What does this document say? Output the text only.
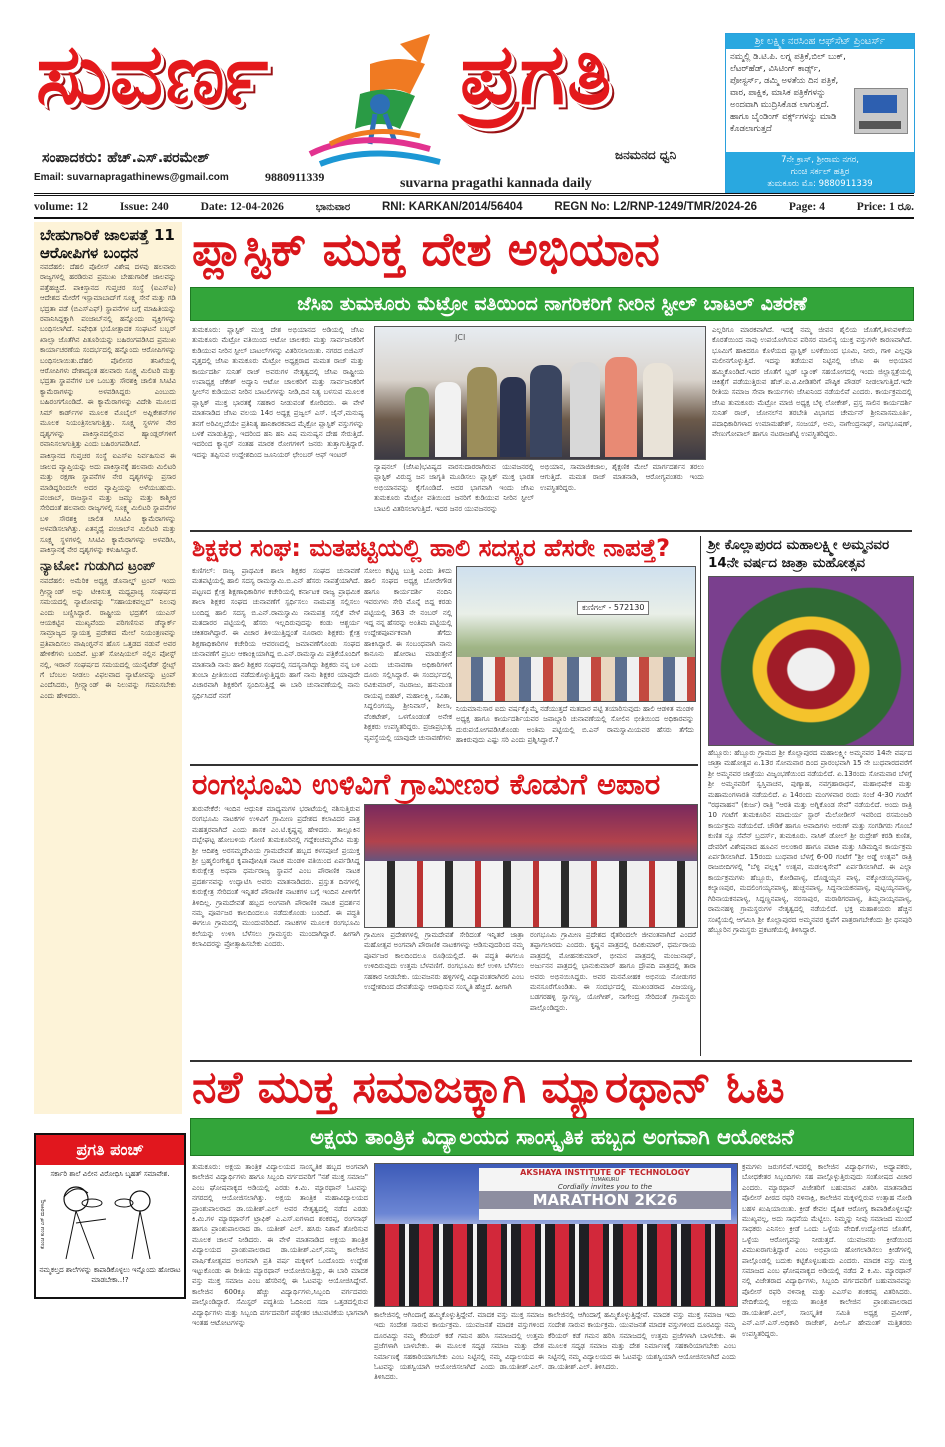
ಸುವರ್ಣ ಪ್ರಗತಿ
ಸಂಪಾದಕರು: ಹೆಚ್.ಎಸ್.ಪರಮೇಶ್
Email: suvarnapragathinews@gmail.com	9880911339
ಜನಮನದ ಧ್ವನಿ
suvarna pragathi kannada daily
ಶ್ರೀ ಲಕ್ಷ್ಮೀ ನರಸಿಂಹ ಆಫ್‌ಸೆಟ್ ಪ್ರಿಂಟರ್ಸ್
ನಮ್ಮಲ್ಲಿ ಡಿ.ಟಿ.ಪಿ. ಲಗ್ನ ಪತ್ರಿಕೆ,ಬಿಲ್ ಬುಕ್, ಲೆಟರ್‌ಹೆಡ್, ವಿಸಿಟಿಂಗ್ ಕಾರ್ಡ್ಸ್, ಪೋಸ್ಟರ್ಸ್, ಡಮ್ಮಿ ಅಳತೆಯ ದಿನ ಪತ್ರಿಕೆ, ವಾರ, ಪಾಕ್ಷಿಕ, ಮಾಸಿಕ ಪತ್ರಿಕೆಗಳನ್ನು ಅಂದವಾಗಿ ಮುದ್ರಿಸಿಕೊಡ ಲಾಗುತ್ತದೆ. ಹಾಗೂ ಬೈಂಡಿಂಗ್ ವರ್ಕ್ಸ್‌ಗಳನ್ನು ಮಾಡಿ ಕೊಡಲಾಗುತ್ತದೆ
7ನೇ ಕ್ರಾಸ್, ಶ್ರೀರಾಮ ನಗರ,
ಗುಂಚಿ ಸರ್ಕಲ್ ಹತ್ತಿರ
ತುಮಕೂರು ಮೊ: 9880911339
volume: 12	Issue: 240	Date: 12-04-2026	ಭಾನುವಾರ	RNI: KARKAN/2014/56404	REGN No: L2/RNP-1249/TMR/2024-26	Page: 4	Price: 1 ರೂ.
ಬೇಹುಗಾರಿಕೆ ಜಾಲಪತ್ತೆ 11 ಆರೋಪಿಗಳ ಬಂಧನ
ನವದೆಹಲಿ: ದೆಹಲಿ ಪೊಲೀಸ್ ವಿಶೇಷ ದಳವು ಹಲವಾರು ರಾಜ್ಯಗಳಲ್ಲಿ ಹರಡಿರುವ ಪ್ರಮುಖ ಬೇಹುಗಾರಿಕೆ ಜಾಲವನ್ನು ಪತ್ತೆಹಚ್ಚಿದೆ. ಪಾಕಿಸ್ತಾನದ ಗುಪ್ತಚರ ಸಂಸ್ಥೆ (ಐಎಸ್ಐ) ಆದೇಶದ ಮೇರೆಗೆ ಇಸ್ಲಾಮಾಬಾದ್‌ಗೆ ಸೂಕ್ಷ್ಮ ಸೇನೆ ಮತ್ತು ಗಡಿ ಭದ್ರತಾ ಪಡೆ (ಬಿಎಸ್ಎಫ್) ಸ್ಥಾಪನೆಗಳ ಬಗ್ಗೆ ಮಾಹಿತಿಯನ್ನು ರವಾನಿಸಿದ್ದಕ್ಕಾಗಿ ಪಂಜಾಬ್‌ನಲ್ಲಿ ಹನ್ನೊಂದು ವ್ಯಕ್ತಿಗಳನ್ನು ಬಂಧಿಸಲಾಗಿದೆ. ನಿಷೇಧಿತ ಭಯೋತ್ಪಾದಕ ಸಂಘಟನೆ ಬಬ್ಬರ್ ಖಾಲ್ಸಾ ಜೊತೆಗಿನ ಪಿತೂರಿಯನ್ನು ಬಹಿರಂಗಪಡಿಸಿದ ಪ್ರಮುಖ ಕಾರ್ಯಾಚರಣೆಯ ಸಂದರ್ಭದಲ್ಲಿ ಹನ್ನೊಂದು ಆರೋಪಿಗಳನ್ನು ಬಂಧಿಸಲಾಯಿತು.ದೆಹಲಿ ಪೊಲೀಸರ ತನಿಖೆಯಲ್ಲಿ ಆರೋಪಿಗಳು ದೇಶಾದ್ಯಂತ ಹಲವಾರು ಸೂಕ್ಷ್ಮ ಮಿಲಿಟರಿ ಮತ್ತು ಭದ್ರತಾ ಸ್ಥಾಪನೆಗಳ ಬಳಿ ಒಂಬತ್ತು ಸೌರಶಕ್ತಿ ಚಾಲಿತ ಸಿಸಿಟಿವಿ ಕ್ಯಾಮೆರಾಗಳನ್ನು ಅಳವಡಿಸಿದ್ದರು ಎಂಬುದು ಬಹಿರಂಗಗೊಂಡಿದೆ. ಈ ಕ್ಯಾಮೆರಾಗಳನ್ನು ವಿದೇಶಿ ಮೂಲದ ಸಿಮ್ ಕಾರ್ಡ್‌ಗಳ ಮೂಲಕ ಮೊಬೈಲ್ ಅಪ್ಲಿಕೇಶನ್‌ಗಳ ಮೂಲಕ ನಿಯಂತ್ರಿಸಲಾಗುತ್ತಿತ್ತು. ಸೂಕ್ಷ್ಮ ಸ್ಥಳಗಳ ನೇರ ದೃಶ್ಯಗಳನ್ನು ಪಾಕಿಸ್ತಾನದಲ್ಲಿರುವ ಹ್ಯಾಂಡ್ಲರ್‌ಗಳಿಗೆ ರವಾನಿಸಲಾಗುತ್ತಿತ್ತು ಎಂದು ಬಹಿರಂಗಪಡಿಸಿದೆ.
ಪಾಕಿಸ್ತಾನದ ಗುಪ್ತಚರ ಸಂಸ್ಥೆ ಐಎಸ್ಐ ನಿರ್ವಹಿಸುವ ಈ ಜಾಲದ ವ್ಯಾಪ್ತಿಯನ್ನು ಅದು ಪಾಕಿಸ್ತಾನಕ್ಕೆ ಹಲವಾರು ಮಿಲಿಟರಿ ಮತ್ತು ರಕ್ಷಣಾ ಸ್ಥಾಪನೆಗಳ ನೇರ ದೃಶ್ಯಗಳನ್ನು ಪ್ರಸಾರ ಮಾಡಿದ್ದರಿಂದಲೇ ಅದರ ವ್ಯಾಪ್ತಿಯನ್ನು ಅಳೆಯಬಹುದು. ಪಂಜಾಬ್, ರಾಜಸ್ಥಾನ ಮತ್ತು ಜಮ್ಮು ಮತ್ತು ಕಾಶ್ಮೀರ ಸೇರಿದಂತೆ ಹಲವಾರು ರಾಜ್ಯಗಳಲ್ಲಿ ಸೂಕ್ಷ್ಮ ಮಿಲಿಟರಿ ಸ್ಥಾಪನೆಗಳ ಬಳಿ ಸೌರಶಕ್ತಿ ಚಾಲಿತ ಸಿಸಿಟಿವಿ ಕ್ಯಾಮೆರಾಗಳನ್ನು ಅಳವಡಿಸಲಾಗಿತ್ತು. ಏತನ್ಮಧ್ಯೆ ಪಂಜಾಬ್‌ನ ಮಿಲಿಟರಿ ಮತ್ತು ಸೂಕ್ಷ್ಮ ಸ್ಥಳಗಳಲ್ಲಿ ಸಿಸಿಟಿವಿ ಕ್ಯಾಮೆರಾಗಳನ್ನು ಅಳವಡಿಸಿ, ಪಾಕಿಸ್ತಾನಕ್ಕೆ ನೇರ ದೃಶ್ಯಗಳನ್ನು ಕಳುಹಿಸಿದ್ದಾರೆ.
ನ್ಯಾಟೋ: ಗುಡುಗಿದ ಟ್ರಂಪ್
ನವದೆಹಲಿ: ಅಮೆರಿಕ ಅಧ್ಯಕ್ಷ ಡೊನಾಲ್ಡ್ ಟ್ರಂಪ್ ಇಂದು ಗ್ರೀನ್ಲ್ಯಾಂಡ್ ಅನ್ನು ಟೀಕಿಸುತ್ತ ಮಧ್ಯಪ್ರಾಚ್ಯ ಸಂಘರ್ಷದ ಸಮಯದಲ್ಲಿ ನ್ಯಾಟೋವನ್ನು "ಸಹಾಯಕವಲ್ಲದ" ನಿಲುವು ಎಂದು ಬಣ್ಣಿಸಿದ್ದಾರೆ. ರಾಷ್ಟ್ರೀಯ ಭದ್ರತೆಗೆ ಯುಎಸ್ ಆಯಕಟ್ಟಿನ ಮುಖ್ಯವೆಂದು ಪರಿಗಣಿಸುವ ಡೆನ್ಮಾರ್ಕ್ ಸಾಮ್ರಾಜ್ಯದ ಸ್ವಾಯತ್ತ ಪ್ರದೇಶದ ಮೇಲೆ ನಿಯಂತ್ರಣವನ್ನು ಪ್ರತಿಪಾದಿಸಲು ವಾಷಿಂಗ್ಟನ್‌ನ ಹೊಸ ಒತ್ತಡದ ನಡುವೆ ಅವರ ಹೇಳಿಕೆಗಳು ಬಂದಿವೆ. ಟ್ರುತ್ ಸೋಷಿಯಲ್ ನಲ್ಲಿನ ಪೋಸ್ಟ್ ನಲ್ಲಿ, ಇರಾನ್ ಸಂಘರ್ಷದ ಸಮಯದಲ್ಲಿ ಯುನೈಟೆಡ್ ಸ್ಟೇಟ್ಸ್ ಗೆ ಬೆಂಬಲ ನೀಡಲು ವಿಫಲವಾದ ನ್ಯಾಟೋವನ್ನು ಟ್ರಂಪ್ ಎಂದೆಸಿದರು, ಗ್ರೀನ್ಲ್ಯಾಂಡ್ ಈ ನಿಲುವನ್ನು ಗಮನಿಸಬೇಕು ಎಂದು ಹೇಳಿದರು.
ಪ್ರಗತಿ ಪಂಚ್
ಸರ್ಕಾರಿ ಶಾಲೆ ವಿಲೀನ ವಿರೋಧಿಸಿ ಬೃಹತ್ ಸಮಾವೇಶ.
ಕೊಂಚಿ ಕುಂಚಿ ಎಸ್ ಮರಳಿಸಿದ್ಧ
ನಮ್ಮಕಲ್ತದ ಶಾಲೆಗಳನ್ನು ಕಾಪಾಡಿಕೊಳ್ಳಲು ಇನ್ನೊಂದು ಹೋರಾಟ ಮಾಡಬೇಕಾ..!?
ಪ್ಲಾಸ್ಟಿಕ್ ಮುಕ್ತ ದೇಶ ಅಭಿಯಾನ
ಜೆಸಿಐ ತುಮಕೂರು ಮೆಟ್ರೋ ವತಿಯಿಂದ ನಾಗರಿಕರಿಗೆ ನೀರಿನ ಸ್ಟೀಲ್ ಬಾಟಲ್ ವಿತರಣೆ
ತುಮಕೂರು: ಪ್ಲಾಸ್ಟಿಕ್ ಮುಕ್ತ ದೇಶ ಅಭಿಯಾನದ ಅಡಿಯಲ್ಲಿ ಜೆಸಿಐ ತುಮಕೂರು ಮೆಟ್ರೋ ವತಿಯಿಂದ ಆಟೋ ಚಾಲಕರು ಮತ್ತು ಸಾರ್ವಜನಿಕರಿಗೆ ಕುಡಿಯುವ ನೀರಿನ ಸ್ಟೀಲ್ ಬಾಟಲ್‌ಗಳನ್ನು ವಿತರಿಸಲಾಯಿತು. ನಗರದ ಬಿಜಿಎಸ್ ವೃತ್ತದಲ್ಲಿ ಜೆಸಿಐ ತುಮಕೂರು ಮೆಟ್ರೋ ಅಧ್ಯಕ್ಷರಾದ ಮಮತ ರಾಜ್ ಮತ್ತು ಕಾರ್ಯದರ್ಶಿ ಸುನಿತ್ ರಾಜ್ ಅವರುಗಳ ನೇತೃತ್ವದಲ್ಲಿ ಜೆಸಿಐ ರಾಷ್ಟ್ರೀಯ ಉಪಾಧ್ಯಕ್ಷ ಜೆಕೇಶ್ ಅದ್ವಾನಿ ಆಟೋ ಚಾಲಕರಿಗೆ ಮತ್ತು ಸಾರ್ವಜನಿಕರಿಗೆ ಸ್ಟೀಲ್‌ನ ಕುಡಿಯುವ ನೀರಿನ ಬಾಟಲಿಗಳನ್ನು ನೀಡಿ,ದಿನ ನಿತ್ಯ ಬಳಸುವ ಮೂಲಕ ಪ್ಲಾಸ್ಟಿಕ್ ಮುಕ್ತ ಭಾರತಕ್ಕೆ ಸಹಕಾರ ನೀಡುವಂತೆ ಕೋರಿದರು. ಈ ವೇಳೆ ಮಾತನಾಡಿದ ಜೆಸಿಐ ವಲಯ 14ರ ಅಧ್ಯಕ್ಷ ಪ್ರಜ್ವಲ್ ಎಸ್. ಜೈನ್,ಮನುಷ್ಯ ತನಗೆ ಅರಿವಿಲ್ಲದೆಯೇ ಪ್ರತಿನಿತ್ಯ ಹಾನಿಕಾರಕವಾದ ಮೈಕ್ರೋ ಪ್ಲಾಸ್ಟಿಕ್ ವಸ್ತುಗಳನ್ನು ಬಳಕೆ ಮಾಡುತ್ತಿದ್ದು, ಇದರಿಂದ ಹನಿ ಹನಿ ವಿಷ ಮನುಷ್ಯನ ದೇಹ ಸೇರುತ್ತಿದೆ. ಇದರಿಂದ ಕ್ಯಾನ್ಸರ್ ನಂತಹ ಮಾರಕ ರೋಗಗಳಿಗೆ ಜನರು ತುತ್ತಾಗುತ್ತಿದ್ದಾರೆ. ಇದನ್ನು ತಪ್ಪಿಸುವ ಉದ್ದೇಶದಿಂದ ಜೂನಿಯರ್ ಛೇಂಬರ್ ಆಫ್ ಇಂಟರ್
JCI
ನ್ಯಾಷನಲ್ (ಜೆಸಿಐ)ಭವಿಷ್ಯದ ವಾರಸುದಾರರಾಗಿರುವ ಯುವಜನರಲ್ಲಿ ಪ್ಲಾಸ್ಟಿಕ್ ವಿರುದ್ಧ ಜನ ಜಾಗೃತಿ ಮೂಡಿಸಲು ಪ್ಲಾಸ್ಟಿಕ್ ಮುಕ್ತ ಭಾರತ ಅಭಿಯಾನವನ್ನು ಕೈಗೊಂಡಿದೆ. ಅದರ ಭಾಗವಾಗಿ ಇಂದು ಜೆಸಿಐ ತುಮಕೂರು ಮೆಟ್ರೋ ವತಿಯಿಂದ ಜನರಿಗೆ ಕುಡಿಯುವ ನೀರಿನ ಸ್ಟೀಲ್ ಬಾಟಲಿ ವಿತರಿಸಲಾಗುತ್ತಿದೆ. ಇದರ ಜನರ ಯುವಜನರನ್ನು
ಅಭಿಯಾನ, ಸಾಮಾಜಿಕಜಾಲ, ಶೈಕ್ಷಣಿಕ ಮೇಲೆ ಮಾರ್ಗದರ್ಶನ ತರಲು ಆಗುತ್ತಿದೆ. ಮಮತ ರಾಜ್ ಮಾತನಾಡಿ, ಆರೋಗ್ಯವಂತರು ಇಂದು ಉಪಸ್ಥಿತರಿದ್ದರು.
ಎಲ್ಲರಿಗೂ ಮಾರಕವಾಗಿದೆ. ಇದಕ್ಕೆ ನಮ್ಮ ಜೀವನ ಶೈಲಿಯ ಜೊತೆಗೆ,ತಿಳುವಳಿಕೆಯ ಕೊರತೆಯಿಂದ ನಾವು ಉಪಯೋಗಿಸುವ ಪರಿಸರ ಮಾಲಿನ್ಯ ಯುಕ್ತ ವಸ್ತುಗಳೇ ಕಾರಣವಾಗಿದೆ. ಭೂಮಿಗೆ ಹಾಕಿದರೂ ಕೊಳೆಯದ ಪ್ಲಾಸ್ಟಿಕ್ ಬಳಕೆಯಿಂದ ಭೂಮಿ, ನೀರು, ಗಾಳಿ ಎಲ್ಲವೂ ಮಲೀನಗೊಳ್ಳುತ್ತಿದೆ. ಇದನ್ನು ತಡೆಯುವ ನಿಟ್ಟಿನಲ್ಲಿ ಜೆಸಿಐ ಈ ಅಭಿಯಾನ ಹಮ್ಮಿಕೊಂಡಿದೆ.ಇದರ ಜೊತೆಗೆ ಬ್ಲಡ್ ಬ್ಯಾಂಕ್ ಸಹಯೋಗದಲ್ಲಿ ಇಂದು ಜಿಲ್ಲಾಸ್ಪತ್ರೆಯಲ್ಲಿ ಚಿಕಿತ್ಸೆಗೆ ಪಡೆಯುತ್ತಿರುವ ಹೆಚ್.ಐ.ವಿ.ಪೀಡಿತರಿಗೆ ಪೌಷ್ಠಿಕ ಪೌಡರ್ ನೀಡಲಾಗುತ್ತಿದೆ.ಇದೇ ರೀತಿಯ ಸಮಾಜ ಸೇವಾ ಕಾರ್ಯಗಳು ಜೆಸಿಐನಿಂದ ನಡೆಯಲಿವೆ ಎಂದರು. ಕಾರ್ಯಕ್ರಮದಲ್ಲಿ ಜೆಸಿಐ ತುಮಕೂರು ಮೆಟ್ರೋ ಮಾಜಿ ಅಧ್ಯಕ್ಷ ಬೆಳ್ಳಿ ಲೋಕೇಶ್, ಪ್ರಸ್ತ ಸಾಲಿನ ಕಾರ್ಯದರ್ಶಿ ಸುನಿತ್ ರಾಜ್, ಜೋನಲ್‌ನ ತರಬೇತಿ ವಿಭಾಗದ ಚೇರ್ಮನ್ ಶ್ರೀನಿವಾಸಮೂರ್ತಿ, ಪದಾಧಿಕಾರಿಗಳಾದ ಉಮಾಮಹೇಶ್, ಸಂಜಯ್, ಅನು, ನಾಗೇಂದ್ರನಾಥ್, ನಾಗಭೂಷಣ್, ವೇಣುಗೋಪಾಲ್ ಹಾಗೂ ನಟರಾಜಶೆಟ್ಟಿ ಉಪಸ್ಥಿತರಿದ್ದರು.
ಶಿಕ್ಷಕರ ಸಂಘ: ಮತಪಟ್ಟಿಯಲ್ಲಿ ಹಾಲಿ ಸದಸ್ಯರ ಹೆಸರೇ ನಾಪತ್ತೆ?
ಕುಣಿಗಲ್: ರಾಜ್ಯ ಪ್ರಾಥಮಿಕ ಶಾಲಾ ಶಿಕ್ಷಕರ ಸಂಘದ ಚುನಾವಣೆ ಮತಪಟ್ಟಿಯಲ್ಲಿ ಹಾಲಿ ಸದಸ್ಯ ರಾಮಸ್ವಾಮಿ.ಬಿ.ಎನ್ ಹೆಸರು ನಾಪತ್ತೆಯಾಗಿದೆ. ಪಟ್ಟಣದ ಕ್ಷೇತ್ರ ಶಿಕ್ಷಣಾಧಿಕಾರಿಗಳ ಕಚೇರಿಯಲ್ಲಿ ಕರ್ನಾಟಕ ರಾಜ್ಯ ಪ್ರಾಥಮಿಕ ಶಾಲಾ ಶಿಕ್ಷಕರ ಸಂಘದ ಚುನಾವಣೆಗೆ ಸ್ಪರ್ಧಿಸಲು ನಾಮಪತ್ರ ಸಲ್ಲಿಸಲು ಬಂದಿದ್ದ ಹಾಲಿ ಸದಸ್ಯ ಬಿ.ಎನ್.ರಾಮಸ್ವಾಮಿ ನಾಮಪತ್ರ ಸಲ್ಲಿಕೆ ವೇಳೆ ಮತದಾರರ ಪಟ್ಟಿಯಲ್ಲಿ ಹೆಸರು ಇಲ್ಲದಿರುವುದನ್ನು ಕಂಡು ಆಶ್ಚರ್ಯ ಚಕಿತರಾಗಿದ್ದಾರೆ. ಈ ವಿಚಾರ ತಿಳಿಯುತ್ತಿದ್ದಂತೆ ನೂರಾರು ಶಿಕ್ಷಕರು ಕ್ಷೇತ್ರ ಶಿಕ್ಷಣಾಧಿಕಾರಿಗಳ ಕಚೇರಿಯ ಆವರಣದಲ್ಲಿ ಜಮಾವಣೆಗೊಂಡು ಸಂಘದ ಚುನಾವಣೆಗೆ ಪ್ರಬಲ ಆಕಾಂಕ್ಷಿಯಾಗಿದ್ದ ಬಿ.ಎನ್.ರಾಮಸ್ವಾಮಿ ಪತ್ರಿಕೆಯೊಂದಿಗೆ ಮಾತನಾಡಿ ನಾನು ಹಾಲಿ ಶಿಕ್ಷಕರ ಸಂಘದಲ್ಲಿ ಸದಸ್ಯನಾಗಿದ್ದು ಶಿಕ್ಷಕರು ನನ್ನ ಬಳಿ ತುಂಬಾ ಪ್ರೀತಿಯಿಂದ ನಡೆದುಕೊಳ್ಳುತ್ತಿದ್ದರು ಹಾಗೆ ನಾನು ಶಿಕ್ಷಕರ ಯಾವುದೇ ವಿಚಾರವಾಗಿ ಶಿಕ್ಷಕರಿಗೆ ಸ್ಪಂದಿಸುತ್ತಿದ್ದೆ ಈ ಬಾರಿ ಚುನಾವಣೆಯಲ್ಲಿ ನಾನು ಸ್ಪರ್ಧಿಸಿದರೆ ನನಗೆ
ಸೋಲು ಕಟ್ಟಿಟ್ಟ ಬುತ್ತಿ ಎಂದು ತಿಳಿದು ಹಾಲಿ ಸಂಘದ ಅಧ್ಯಕ್ಷ ಬೋರೇಗೌಡ ಹಾಗೂ ಕಾರ್ಯದರ್ಶಿ ನಂದಿನಿ ಇವರುಗಳು ಸೇರಿ ಮೊನ್ನೆ ಬಿದ್ದ ಕರಡು ಪಟ್ಟಿಯಲ್ಲಿ 363 ನೇ ನಂಬರ್ ನಲ್ಲಿ ಇದ್ದ ನನ್ನ ಹೆಸರನ್ನು ಅಂತಿಮ ಪಟ್ಟಿಯಲ್ಲಿ ಉದ್ದೇಶಪೂರ್ವಕವಾಗಿ ತೆಗೆದು ಹಾಕಿಸಿದ್ದಾರೆ. ಈ ಸಂಬಂಧವಾಗಿ ನಾನು ಕಾನೂನು ಹೋರಾಟ ಮಾಡುತ್ತೇನೆ ಎಂದು ಚುನಾವಣಾ ಅಧಿಕಾರಿಗಳಿಗೆ ದೂರು ಸಲ್ಲಿಸಿದ್ದಾರೆ. ಈ ಸಂದರ್ಭದಲ್ಲಿ ರವಿಕುಮಾರ್, ನಟರಾಜು, ಹನುಮಂತ ರಾಯಪ್ಪ ಬಿಹಟ್, ಮಹಾಲಕ್ಷ್ಮಿ, ಸವಿತಾ, ಸಿದ್ದಲಿಂಗಯ್ಯ, ಶ್ರೀನಿವಾಸ್, ಶೀಲಾ, ವೆಂಕಟೇಶ್, ಒಳಗೊಂಡಂತೆ ಅನೇಕ ಶಿಕ್ಷಕರು ಉಪಸ್ಥಿತರಿದ್ದರು. ಪ್ರಜಾಪ್ರಭುತ್ವ ವ್ಯವಸ್ಥೆಯಲ್ಲಿ ಯಾವುದೇ ಚುನಾವಣೆಗಳು
ಕುಣಿಗಲ್ - 572130
ನಿಯಮಾನುಸಾರ ಐದು ವರ್ಷಕ್ಕೊಮ್ಮೆ ನಡೆಯುತ್ತದೆ ಮತದಾರ ಪಟ್ಟಿ ತಯಾರಿಸುವುದು ಹಾಲಿ ಆಡಳಿತ ಮಂಡಳಿ ಅಧ್ಯಕ್ಷ ಹಾಗೂ ಕಾರ್ಯದರ್ಶಿಯವರ ಜವಾಬ್ದಾರಿ ಚುನಾವಣೆಯಲ್ಲಿ ಸೋಲಿನ ಭೀತಿಯಿಂದ ಅಧಿಕಾರವನ್ನು ದುರುಪಯೋಗಪಡಿಸಿಕೊಂಡು ಅಂತಿಮ ಪಟ್ಟಿಯಲ್ಲಿ ಬಿ.ಎನ್ ರಾಮಸ್ವಾಮಿಯವರ ಹೆಸರು ತೆಗೆದು ಹಾಕಿರುವುದು ಎಷ್ಟು ಸರಿ ಎಂದು ಪ್ರಶ್ನಿಸಿದ್ದಾರೆ.?
ಶ್ರೀ ಕೊಲ್ಲಾಪುರದ ಮಹಾಲಕ್ಷ್ಮೀ ಅಮ್ಮನವರ 14ನೇ ವರ್ಷದ ಜಾತ್ರಾ ಮಹೋತ್ಸವ
ಹೆಬ್ಬೂರು: ಹೆಬ್ಬೂರು ಗ್ರಾಮದ ಶ್ರೀ ಕೊಲ್ಲಾಪುರದ ಮಹಾಲಕ್ಷ್ಮೀ ಅಮ್ಮನವರ 14ನೇ ವರ್ಷದ ಜಾತ್ರಾ ಮಹೋತ್ಸವ ಏ.13ರ ಸೋಮವಾರ ದಿಂದ ಪ್ರಾರಂಭವಾಗಿ 15 ನೇ ಬುಧವಾರದವರೆಗೆ ಶ್ರೀ ಅಮ್ಮನವರ ಜಾತ್ರೆಯು ವಿಜೃಂಭಣೆಯಿಂದ ನಡೆಯಲಿದೆ. ಏ.13ರಂದು ಸೋಮವಾರ ಬೆಳಗ್ಗೆ ಶ್ರೀ ಅಮ್ಮನವರಿಗೆ ಸ್ವಸ್ತಿವಾಚನ, ಪುಣ್ಯಾಹ, ನವಗ್ರಹಾರಾಧನೆ, ಮಹಾಭಿಷೇಕ ಮತ್ತು ಮಹಾಮಂಗಳಾರತಿ ನಡೆಯಲಿದೆ. ಏ 14ರಂದು ಮಂಗಳವಾರ ರಂದು ಸಂಜೆ 4-30 ಗಂಟೆಗೆ "ರಥವಾಹನ" (ಕುರ್ಜ) ರಾತ್ರಿ "ಆರತಿ ಮತ್ತು ಅಗ್ನಿಕೊಂಡ ಸೇವೆ" ನಡೆಯಲಿದೆ. ಅಂದು ರಾತ್ರಿ 10 ಗಂಟೆಗೆ ತುಮಕೂರಿನ ಮಾದುರ್ಯ ಸ್ಟಾರ್ ಮೆಲೋಡೀಸ್ ಇವರಿಂದ ರಸಮಂಜರಿ ಕಾರ್ಯಕ್ರಮ ನಡೆಯಲಿದೆ. ಚೌಡಿಕೆ ಹಾಗೂ ಅವಾದಿಗಳು ಅರುಣ್ ಮತ್ತು ಸಂಗಡಿಗರು ಗೊಂಬೆ ಕುಣಿತ ನ್ಯೂ ಸೆವೆನ್ ಬ್ರದರ್ಸ್, ತುಮಕೂರು. ನಾಸಿಕ್ ಡೋಲ್ ಶ್ರೀ ರುದ್ರೇಶ್ ಕರಡಿ ಕುಣಿತ, ದೇವರಿಗೆ ವಿಶೇಷವಾದ ಹೂವಿನ ಅಲಂಕಾರ ಹಾಗೂ ಪಟಾಕಿ ಮತ್ತು ಸಿಡಿಮದ್ದಿನ ಕಾರ್ಯಕ್ರಮ ಏರ್ಪಡಿಸಲಾಗಿದೆ. 15ರಂದು ಬುಧವಾರ ಬೆಳಗ್ಗೆ 6-00 ಗಂಟೆಗೆ "ಶ್ರೀ ಅಡ್ಡೆ ಉತ್ಸವ" ರಾತ್ರಿ ರಾಜಬೀದಿಗಳಲ್ಲಿ "ಬೆಳ್ಳಿ ಪಲ್ಲಕ್ಕಿ" ಉತ್ಸವ, ಮಡಲಕ್ಕಿಸೇವೆ" ಏರ್ಪಡಿಸಲಾಗಿದೆ. ಈ ಎಲ್ಲಾ ಕಾರ್ಯಕ್ರಮಗಳು ಹೆಬ್ಬೂರು, ಕೋಡಿಪಾಳ್ಯ, ದೊಡ್ಡಯ್ಯನ ಪಾಳ್ಯ, ವಕ್ಕೋಡಯ್ಯನಪಾಳ್ಯ, ಕಲ್ಯಾಣಪುರ, ಮದಲಿಂಗಯ್ಯನಪಾಳ್ಯ, ಹುಚ್ಚನಪಾಳ್ಯ, ಸಿದ್ಧನಾಯಕನಪಾಳ್ಯ, ಪುಟ್ಟಯ್ಯನಪಾಳ್ಯ, ಗಿರಿನಾಯಕನಪಾಳ್ಯ, ಸಿದ್ದಣ್ಣನಪಾಳ್ಯ, ನರಸಾಪುರ, ಮರಾಠಿಗರಪಾಳ್ಯ, ತಿಮ್ಮನಾಯ್ಕನಪಾಳ್ಯ, ರಾಮನಹಳ್ಳಿ ಗ್ರಾಮಸ್ಥರುಗಳ ನೇತೃತ್ವದಲ್ಲಿ ನಡೆಯಲಿದೆ. ಭಕ್ತ ಮಹಾಶಯರು ಹೆಚ್ಚಿನ ಸಂಖ್ಯೆಯಲ್ಲಿ ಆಗಮಿಸಿ ಶ್ರೀ ಕೊಲ್ಲಾಪುರದ ಅಮ್ಮನವರ ಕೃಪೆಗೆ ಪಾತ್ರರಾಗಬೇಕೆಂದು ಶ್ರೀ ಧನಪುರಿ ಹೆಬ್ಬೂರಿನ ಗ್ರಾಮಸ್ಥರು ಪ್ರಕಟಣೆಯಲ್ಲಿ ತಿಳಿಸಿದ್ದಾರೆ.
ರಂಗಭೂಮಿ ಉಳಿವಿಗೆ ಗ್ರಾಮೀಣರ ಕೊಡುಗೆ ಅಪಾರ
ತುರುವೇಕೆರೆ: ಇಂದಿನ ಆಧುನಿಕ ಮಾಧ್ಯಮಗಳ ಭರಾಟೆಯಲ್ಲಿ ನಶಿಸುತ್ತಿರುವ ರಂಗಭೂಮಿ ನಾಟಕಗಳ ಉಳಿವಿಗೆ ಗ್ರಾಮೀಣ ಪ್ರದೇಶದ ಕಲಾವಿದರ ಪಾತ್ರ ಮಹತ್ತರವಾಗಿದೆ ಎಂದು ಶಾಸಕ ಎಂ.ಟಿ.ಕೃಷ್ಣಪ್ಪ ಹೇಳಿದರು. ತಾಲ್ಲೂಕಿನ ದಬ್ಬೇಘಟ್ಟ ಹೋಬಳಿಯ ಗೋಣಿ ತುಮಕೂರಿನಲ್ಲಿ ಗದ್ದೆಕಂಚಮ್ಮದೇವಿ ಮತ್ತು ಶ್ರೀ ಆದಿಶಕ್ತಿ ಅರಸಮ್ಮದೇವಿಯ ಗ್ರಾಮದೇವತೆ ಹಬ್ಬದ ಕಳಸಪೂಜೆ ಪ್ರಯುಕ್ತ ಶ್ರೀ ಬ್ರಹ್ಮಲಿಂಗೇಶ್ವರ ಕೃಪಾಪೋಷಿತ ನಾಟಕ ಮಂಡಳಿ ವತಿಯಿಂದ ಏರ್ಪಡಿಸಿದ್ದ ಕುರುಕ್ಷೇತ್ರ ಅಥವಾ ಧರ್ಮರಾಜ್ಯ ಸ್ಥಾಪನೆ ಎಂಬ ಪೌರಾಣಿಕ ನಾಟಕ ಪ್ರದರ್ಶನವನ್ನು ಉದ್ಘಾಟಿಸಿ ಅವರು ಮಾತನಾಡಿದರು. ಪ್ರಸ್ತುತ ದಿನಗಳಲ್ಲಿ ಕುರುಕ್ಷೇತ್ರ ಸೇರಿದಂತೆ ಇನ್ನಿತರೆ ಪೌರಾಣಿಕ ನಾಟಕಗಳ ಬಗ್ಗೆ ಇಂದಿನ ಪೀಳಿಗೆಗೆ ತಿಳಿದಿಲ್ಲ. ಗ್ರಾಮದೇವತೆ ಹಬ್ಬದ ಅಂಗವಾಗಿ ಪೌರಾಣಿಕ ನಾಟಕ ಪ್ರದರ್ಶನ ನಮ್ಮ ಪೂರ್ವಜರ ಕಾಲದಿಂದಲೂ ನಡೆದುಕೊಂಡು ಬಂದಿದೆ. ಈ ಪದ್ಧತಿ ಈಗಲೂ ಗ್ರಾಮದಲ್ಲಿ ಮುಂದುವರಿದಿದೆ. ನಾಟಕಗಳ ಮೂಲಕ ರಂಗಭೂಮಿ ಕಲೆಯನ್ನು ಉಳಿಸಿ ಬೆಳೆಸಲು ಗ್ರಾಮಸ್ಥರು ಮುಂದಾಗಿದ್ದಾರೆ. ಹೀಗಾಗಿ ಕಲಾವಿದರನ್ನು ಪ್ರೋತ್ಸಾಹಿಸಬೇಕು ಎಂದರು.
ಗ್ರಾಮೀಣ ಪ್ರದೇಶಗಳಲ್ಲಿ ಗ್ರಾಮದೇವತೆ ಸೇರಿದಂತೆ ಇನ್ನಿತರೆ ಜಾತ್ರಾ ಮಹೋತ್ಸವ ಅಂಗವಾಗಿ ಪೌರಾಣಿಕ ನಾಟಕಗಳನ್ನು ಆಡಿಸುವುದರಿಂದ ನಮ್ಮ ಪೂರ್ವಜರ ಕಾಲದಿಂದಲೂ ರೂಢಿಯಲ್ಲಿದೆ. ಈ ಪದ್ಧತಿ ಈಗಲೂ ಉಳಿದಿರುವುದು ಉತ್ತಮ ಬೆಳವಣಿಗೆ. ರಂಗಭೂಮಿ ಕಲೆ ಉಳಿಸಿ ಬೆಳೆಸಲು ಸಹಕಾರ ನೀಡಬೇಕು. ಯುವಜನರು ಹಳ್ಳಿಗಳಲ್ಲಿ ವಿದ್ಯಾವಂತರಾಗಿರಲಿ ಎಂಬ ಉದ್ದೇಶದಿಂದ ದೇವತೆಯನ್ನು ಆರಾಧಿಸುವ ಸಂಸ್ಕೃತಿ ಹೆಚ್ಚಿದೆ. ಹೀಗಾಗಿ
ರಂಗಭೂಮಿ ಗ್ರಾಮೀಣ ಪ್ರದೇಶದ ರೈತರಿಂದಲೇ ಜೀವಂತವಾಗಿದೆ ಎಂದರೆ ತಪ್ಪಾಗಲಾರದು ಎಂದರು. ಕೃಷ್ಣನ ಪಾತ್ರದಲ್ಲಿ ರವಿಕುಮಾರ್, ಧರ್ಮರಾಯ ಪಾತ್ರದಲ್ಲಿ ಮೋಹನಕುಮಾರ್, ಭೀಮನ ಪಾತ್ರದಲ್ಲಿ ಮಂಜುನಾಥ್, ಅರ್ಜುನನ ಪಾತ್ರದಲ್ಲಿ ಭಾನುಕುಮಾರ್ ಹಾಗೂ ದ್ರೌಪದಿ ಪಾತ್ರದಲ್ಲಿ ತಾರಾ ಅವರು ಅಭಿನಯಿಸಿದ್ದರು. ಅವರ ಮನಮೋಹಕ ಅಭಿನಯ ನೋಡುಗರ ಮನಸೂರೆಗೊಂಡಿತು. ಈ ಸಂದರ್ಭದಲ್ಲಿ ಮುಖಂಡರಾದ ವಿಜಯಣ್ಣ, ಬಡಗರಹಳ್ಳಿ ಸ್ವಾಗಣ್ಣ, ಯೋಗೀಶ್, ನಾಗೇಂದ್ರ ಸೇರಿದಂತೆ ಗ್ರಾಮಸ್ಥರು ಪಾಲ್ಗೊಂಡಿದ್ದರು.
ನಶೆ ಮುಕ್ತ ಸಮಾಜಕ್ಕಾಗಿ ಮ್ಯಾರಥಾನ್ ಓಟ
ಅಕ್ಷಯ ತಾಂತ್ರಿಕ ವಿದ್ಯಾಲಯದ ಸಾಂಸ್ಕೃತಿಕ ಹಬ್ಬದ ಅಂಗವಾಗಿ ಆಯೋಜನೆ
ತುಮಕೂರು: ಅಕ್ಷಯ ತಾಂತ್ರಿಕ ವಿದ್ಯಾಲಯದ ಸಾಂಸ್ಕೃತಿಕ ಹಬ್ಬದ ಅಂಗವಾಗಿ ಕಾಲೇಜಿನ ವಿದ್ಯಾರ್ಥಿಗಳು ಹಾಗೂ ಸಿಬ್ಬಂದಿ ವರ್ಗದವರಿಗೆ "ನಶೆ ಮುಕ್ತ ಸಮಾಜ" ಎಂಬ ಘೋಷವಾಕ್ಯದ ಅಡಿಯಲ್ಲಿ ಎರಡು ಕಿ.ಮಿ. ಮ್ಯಾರಥಾನ್ ಓಟವನ್ನು ನಗರದಲ್ಲಿ ಆಯೋಜಿಸಲಾಗಿತ್ತು. ಅಕ್ಷಯ ತಾಂತ್ರಿಕ ಮಹಾವಿದ್ಯಾಲಯದ ಪ್ರಾಂಶುಪಾಲರಾದ ಡಾ.ಯತೀಶ್.ಎಲ್ ಅವರ ನೇತೃತ್ವದಲ್ಲಿ ನಡೆದ ಎರಡು ಕಿ.ಮಿ.ಗಳ ಮ್ಯಾರಥಾನ್‌ಗೆ ಟ್ರಾಫಿಕ್ ಎ.ಎಸ್.ಐಗಳಾದ ಶಂಕರಪ್ಪ, ರಂಗನಾಥ್ ಹಾಗೂ ಪ್ರಾಂಶುಪಾಲರಾದ ಡಾ. ಯತೀಶ್ ಎಲ್. ಹಸಿರು ನಿಶಾನೆ ತೋರಿಸುವ ಮೂಲಕ ಚಾಲನೆ ನೀಡಿದರು. ಈ ವೇಳೆ ಮಾತನಾಡಿದ ಅಕ್ಷಯ ತಾಂತ್ರಿಕ ವಿದ್ಯಾಲಯದ ಪ್ರಾಂಶುಪಾಲರಾದ ಡಾ.ಯತೀಶ್.ಎಲ್,ನಮ್ಮ ಕಾಲೇಜಿನ ವಾರ್ಷಿಕೋತ್ಸವದ ಅಂಗವಾಗಿ ಪ್ರತಿ ವರ್ಷ ಮಕ್ಕಳಿಗೆ ಒಂದೊಂದು ಉದ್ದೇಶ ಇಟ್ಟುಕೊಂಡು ಈ ರೀತಿಯ ಮ್ಯಾರಥಾನ್ ಆಯೋಜಿಸುತ್ತಿದ್ದು, ಈ ಬಾರಿ ಮಾದಕ ವಸ್ತು ಮುಕ್ತ ಸಮಾಜ ಎಂಬ ಹೆಸರಿನಲ್ಲಿ ಈ ಓಟವನ್ನು ಆಯೋಜಿಸಿದ್ದೇವೆ. ಕಾಲೇಜಿನ 600ಕ್ಕೂ ಹೆಚ್ಚು ವಿದ್ಯಾರ್ಥಿಗಳು,ಸಿಬ್ಬಂದಿ ವರ್ಗದವರು ಪಾಲ್ಗೊಂಡಿದ್ದಾರೆ. ಸೆಮಿಸ್ಟರ್ ಪದ್ಧತಿಯ ಓದಿನಿಂದ ಸದಾ ಒತ್ತಡದಲ್ಲಿರುವ ವಿದ್ಯಾರ್ಥಿಗಳು ಮತ್ತು ಸಿಬ್ಬಂದಿ ವರ್ಗದವರಿಗೆ ಪಠ್ಯೇತರ ಚಟುವಟಿಕೆಯ ಭಾಗವಾಗಿ ಇಂತಹ ಆಟೋಟಗಳನ್ನು
AKSHAYA INSTITUTE OF TECHNOLOGY
TUMAKURU
Cordially invites you to the
MARATHON 2K26
ಕಾಲೇಜಿನಲ್ಲಿ ಆಗಿಂದಾಗ್ಗೆ ಹಮ್ಮಿಕೊಳ್ಳುತ್ತಿದ್ದೇವೆ. ಮಾದಕ ವಸ್ತು ಮುಕ್ತ ಸಮಾಜ ಇದು ಸಂದೇಶ ಸಾರುವ ಕಾರ್ಯಕ್ರಮ. ಯುವಜನತೆ ಮಾದಕ ವಸ್ತುಗಳಿಂದ ದೂರವಿದ್ದು ನಮ್ಮ ಕೆರಿಯರ್ ಕಡೆ ಗಮನ ಹರಿಸಿ ಸಮಾಜದಲ್ಲಿ ಉತ್ತಮ ಪ್ರಜೆಗಳಾಗಿ ಬಾಳಬೇಕು. ಈ ಮೂಲಕ ಸದೃಢ ಸಮಾಜ ಮತ್ತು ದೇಶ ನಿರ್ಮಾಣಕ್ಕೆ ಸಹಕಾರಿಯಾಗಬೇಕು ಎಂಬ ನಿಟ್ಟಿನಲ್ಲಿ ನಮ್ಮ ವಿದ್ಯಾಲಯದ ಈ ಓಟವನ್ನು ಯಶಸ್ವಿಯಾಗಿ ಆಯೋಜಿಸಲಾಗಿದೆ ಎಂದು ಡಾ.ಯತೀಶ್.ಎಲ್. ತಿಳಿಸಿದರು.
ಕಾಲೇಜಿನಲ್ಲಿ ಆಗಿಂದಾಗ್ಗೆ ಹಮ್ಮಿಕೊಳ್ಳುತ್ತಿದ್ದೇವೆ. ಮಾದಕ ವಸ್ತು ಮುಕ್ತ ಸಮಾಜ ಇದು ಸಂದೇಶ ಸಾರುವ ಕಾರ್ಯಕ್ರಮ. ಯುವಜನತೆ ಮಾದಕ ವಸ್ತುಗಳಿಂದ ದೂರವಿದ್ದು ನಮ್ಮ ಕೆರಿಯರ್ ಕಡೆ ಗಮನ ಹರಿಸಿ ಸಮಾಜದಲ್ಲಿ ಉತ್ತಮ ಪ್ರಜೆಗಳಾಗಿ ಬಾಳಬೇಕು. ಈ ಮೂಲಕ ಸದೃಢ ಸಮಾಜ ಮತ್ತು ದೇಶ ನಿರ್ಮಾಣಕ್ಕೆ ಸಹಕಾರಿಯಾಗಬೇಕು ಎಂಬ ನಿಟ್ಟಿನಲ್ಲಿ ನಮ್ಮ ವಿದ್ಯಾಲಯದ ಈ ಓಟವನ್ನು ಯಶಸ್ವಿಯಾಗಿ ಆಯೋಜಿಸಲಾಗಿದೆ ಎಂದು ಡಾ.ಯತೀಶ್.ಎಲ್. ತಿಳಿಸಿದರು.
ಕ್ರಮಗಳು ಜರುಗಲಿವೆ.ಇದರಲ್ಲಿ ಕಾಲೇಜಿನ ವಿದ್ಯಾರ್ಥಿಗಳು, ಅಧ್ಯಾಪಕರು, ಬೋಧಕೇತರ ಸಿಬ್ಬಂದಿಗಳು ಸಹ ಪಾಲ್ಗೊಳ್ಳುತ್ತಿರುವುದು ಸಂತೋಷದ ವಿಚಾರ ಎಂದರು. ಮ್ಯಾರಥಾನ್ ವಿಜೇತರಿಗೆ ಬಹುಮಾನ ವಿತರಿಸಿ ಮಾತನಾಡಿದ ಪೊಲೀಸ್ ಪೀಠದ ರಫರಿ ನಳಿನಾಕ್ಷಿ, ಕಾಲೇಜಿನ ಮಕ್ಕಳಲ್ಲಿರುವ ಉತ್ಸಾಹ ನೋಡಿ ಬಹಳ ಖುಷಿಯಾಯಿತು. ಕ್ರೀಡೆ ಕೇವಲ ದೈಹಿಕ ಆರೋಗ್ಯ ಕಾಪಾಡಿಕೊಳ್ಳಲಷ್ಟೇ ಮುಖ್ಯವಲ್ಲ, ಅದು ಸಾಧನೆಯ ಮೆಟ್ಟಿಲು. ನಿಮ್ಮನ್ನು ನೀವು ಸಮಾಜದ ಮುಂದೆ ಸಾಧಕರು ಎನಿಸಲು ಕ್ರೀಡೆ ಒಂದು ಒಳ್ಳೆಯ ವೇದಿಕೆ.ಉದ್ಯೋಗದ ಜೊತೆಗೆ, ಒಳ್ಳೆಯ ಆರೋಗ್ಯವನ್ನು ನೀಡುತ್ತದೆ. ಯುವಜನರು ಕ್ರೀಡೆಯಿಂದ ವಿಮುಖರಾಗುತ್ತಿದ್ದಾರೆ ಎಂಬ ಅಭಿಪ್ರಾಯ ಹೋಗಲಾಡಿಸಲು ಕ್ರೀಡೆಗಳಲ್ಲಿ ಪಾಲ್ಗೊಂಡಲ್ಲಿ ಬದುಕು ಕಟ್ಟಿಕೊಳ್ಳಬಹುದು ಎಂದರು. ಮಾದಕ ವಸ್ತು ಮುಕ್ತ ಸಮಾಜದ ಎಂಬ ಘೋಷವಾಕ್ಯದ ಅಡಿಯಲ್ಲಿ ನಡೆದ 2 ಕಿ.ಮಿ. ಮ್ಯಾರಥಾನ್ ನಲ್ಲಿ ವಿಜೇತರಾದ ವಿದ್ಯಾರ್ಥಿಗಳು, ಸಿಬ್ಬಂದಿ ವರ್ಗದವರಿಗೆ ಬಹುಮಾನವನ್ನು ಪೊಲೀಸ್ ರಫರಿ ನಳಿನಾಕ್ಷಿ ಮತ್ತು ಎಎಸ್ಐ ಶಂಕರಪ್ಪ ವಿತರಿಸಿದರು. ವೇದಿಕೆಯಲ್ಲಿ ಅಕ್ಷಯ ತಾಂತ್ರಿಕ ಕಾಲೇಜಿನ ಪ್ರಾಂಶುಪಾಲರಾದ ಡಾ.ಯತೀಶ್.ಎಲ್, ಸಾಂಸ್ಕೃತಿಕ ಸಮಿತಿ ಅಧ್ಯಕ್ಷ ಪ್ರವೀಣ್, ಎನ್.ಎಸ್.ಎಸ್.ಅಧಿಕಾರಿ ರಾಜೇಶ್, ಪಿಆರ್ಓ ಹೇಮಂತ್ ಮತ್ತಿತರರು ಉಪಸ್ಥಿತರಿದ್ದರು.
